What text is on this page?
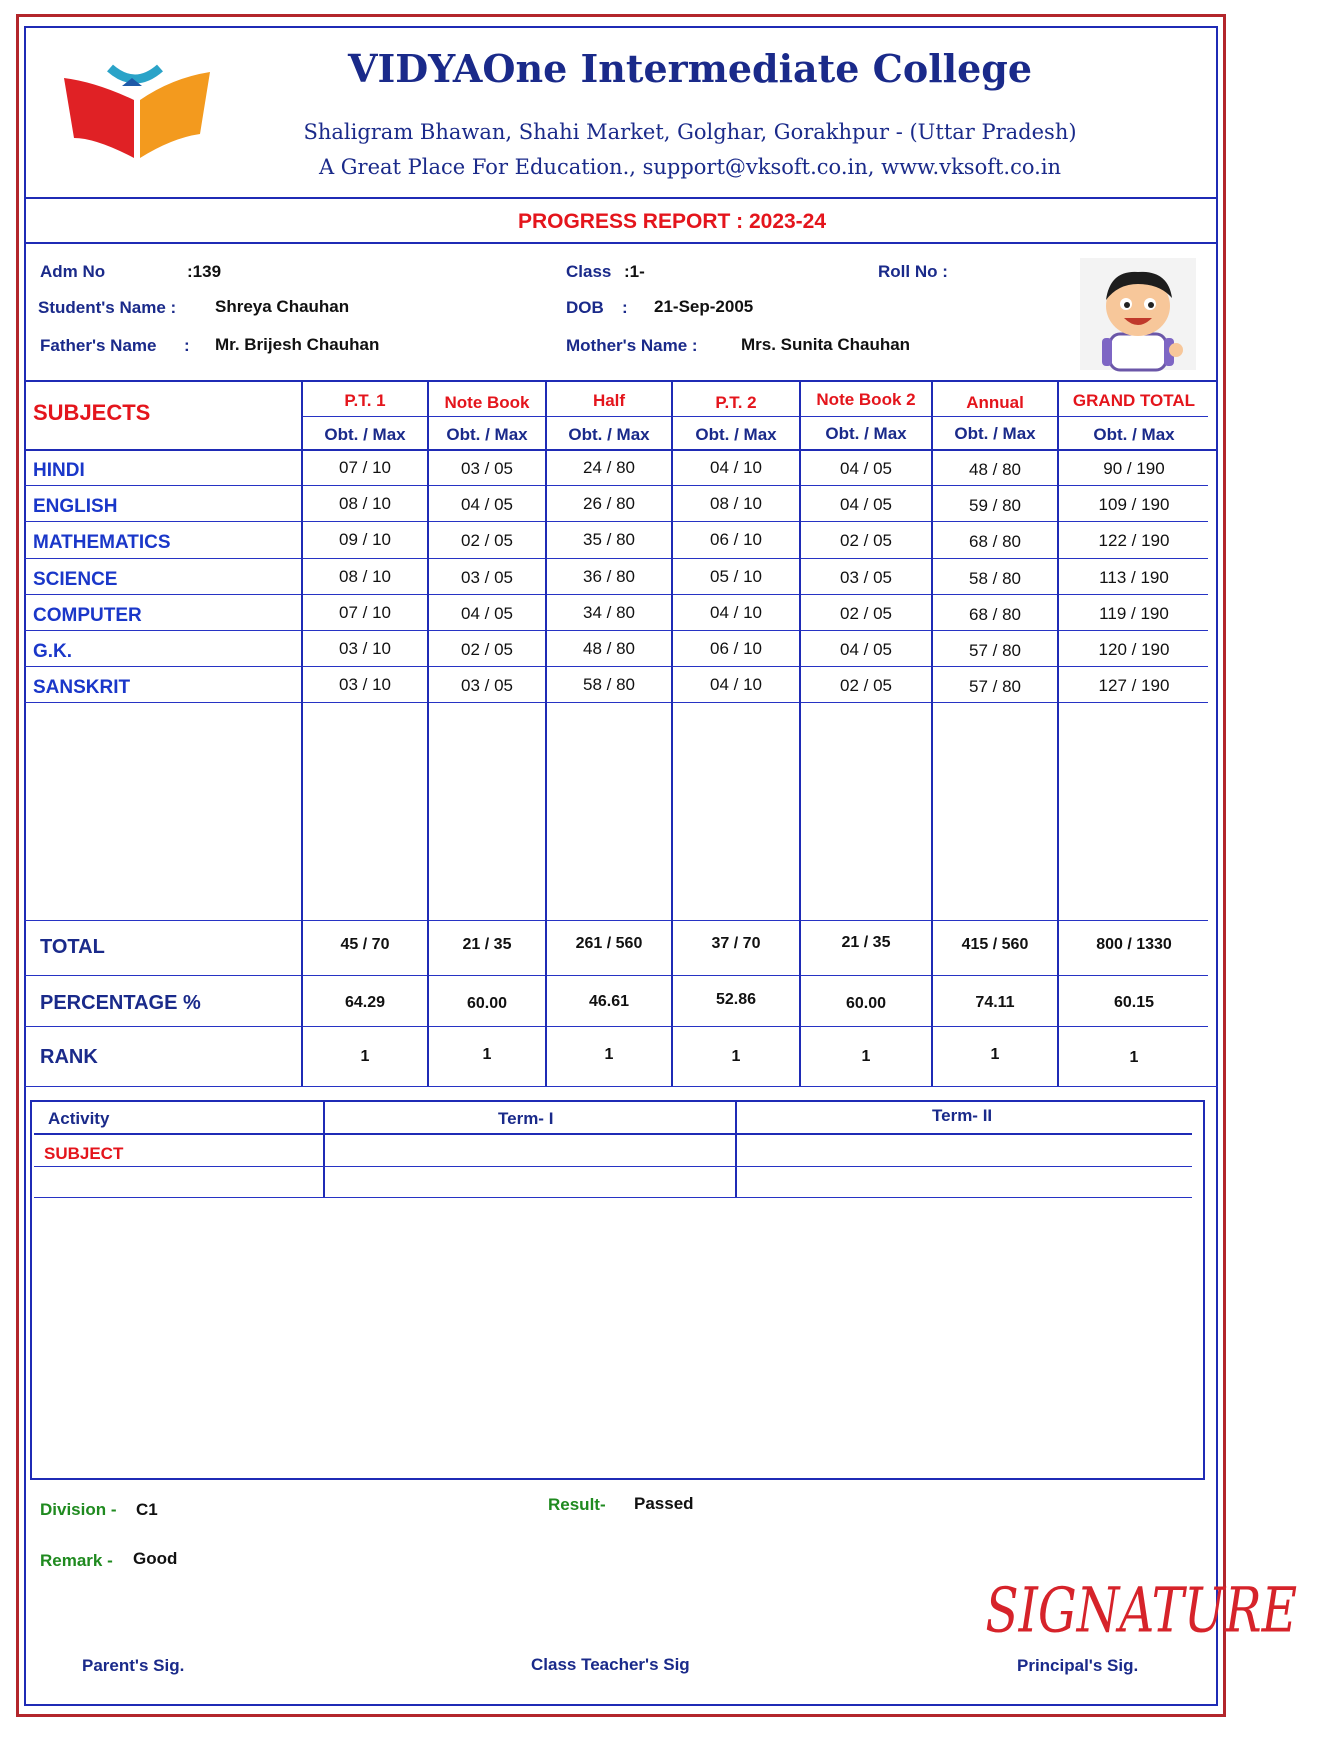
VIDYAOne Intermediate College
Shaligram Bhawan, Shahi Market, Golghar, Gorakhpur - (Uttar Pradesh)
A Great Place For Education., support@vksoft.co.in, www.vksoft.co.in
PROGRESS REPORT : 2023-24
Adm No	:139	Class :1-	Roll No :
Student's Name : Shreya Chauhan	DOB : 21-Sep-2005
Father's Name : Mr. Brijesh Chauhan	Mother's Name :	Mrs. Sunita Chauhan
SUBJECTS	P.T. 1	Note Book	Half	P.T. 2	Note Book 2	Annual	GRAND TOTAL
Obt. / Max	Obt. / Max	Obt. / Max	Obt. / Max	Obt. / Max	Obt. / Max	Obt. / Max
HINDI	07 / 10	03 / 05	24 / 80	04 / 10	04 / 05	48 / 80	90 / 190
ENGLISH	08 / 10	04 / 05	26 / 80	08 / 10	04 / 05	59 / 80	109 / 190
MATHEMATICS	09 / 10	02 / 05	35 / 80	06 / 10	02 / 05	68 / 80	122 / 190
SCIENCE	08 / 10	03 / 05	36 / 80	05 / 10	03 / 05	58 / 80	113 / 190
COMPUTER	07 / 10	04 / 05	34 / 80	04 / 10	02 / 05	68 / 80	119 / 190
G.K.	03 / 10	02 / 05	48 / 80	06 / 10	04 / 05	57 / 80	120 / 190
SANSKRIT	03 / 10	03 / 05	58 / 80	04 / 10	02 / 05	57 / 80	127 / 190
TOTAL	45 / 70	21 / 35	261 / 560	37 / 70	21 / 35	415 / 560	800 / 1330
PERCENTAGE %	64.29	60.00	46.61	52.86	60.00	74.11	60.15
RANK	1	1	1	1	1	1	1
Activity	Term- I	Term- II
SUBJECT
Division - C1	Result- Passed
Remark - Good
SIGNATURE
Parent's Sig.	Class Teacher's Sig	Principal's Sig.
